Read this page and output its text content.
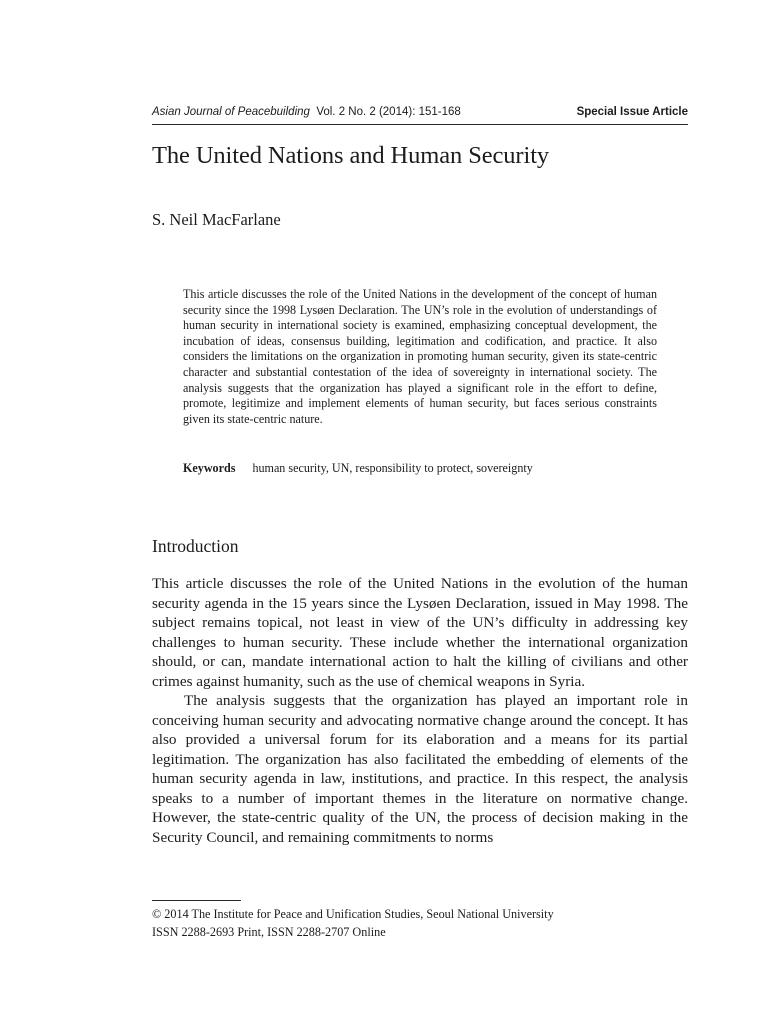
Asian Journal of Peacebuilding Vol. 2 No. 2 (2014): 151-168	Special Issue Article
The United Nations and Human Security
S. Neil MacFarlane

This article discusses the role of the United Nations in the development of the concept of human security since the 1998 Lysøen Declaration. The UN’s role in the evolution of understandings of human security in international society is examined, emphasizing conceptual development, the incubation of ideas, consensus building, legitimation and codification, and practice. It also considers the limitations on the organization in promoting human security, given its state-centric character and substantial contestation of the idea of sovereignty in international society. The analysis suggests that the organization has played a significant role in the effort to define, promote, legitimize and implement elements of human security, but faces serious constraints given its state-centric nature.

Keywords human security, UN, responsibility to protect, sovereignty
Introduction

This article discusses the role of the United Nations in the evolution of the human security agenda in the 15 years since the Lysøen Declaration, issued in May 1998. The subject remains topical, not least in view of the UN’s difficulty in addressing key challenges to human security. These include whether the international organization should, or can, mandate international action to halt the killing of civilians and other crimes against humanity, such as the use of chemical weapons in Syria.

The analysis suggests that the organization has played an important role in conceiving human security and advocating normative change around the concept. It has also provided a universal forum for its elaboration and a means for its partial legitimation. The organization has also facilitated the embedding of elements of the human security agenda in law, institutions, and practice. In this respect, the analysis speaks to a number of important themes in the literature on normative change. However, the state-centric quality of the UN, the process of decision making in the Security Council, and remaining commitments to norms

© 2014 The Institute for Peace and Unification Studies, Seoul National University
ISSN 2288-2693 Print, ISSN 2288-2707 Online
